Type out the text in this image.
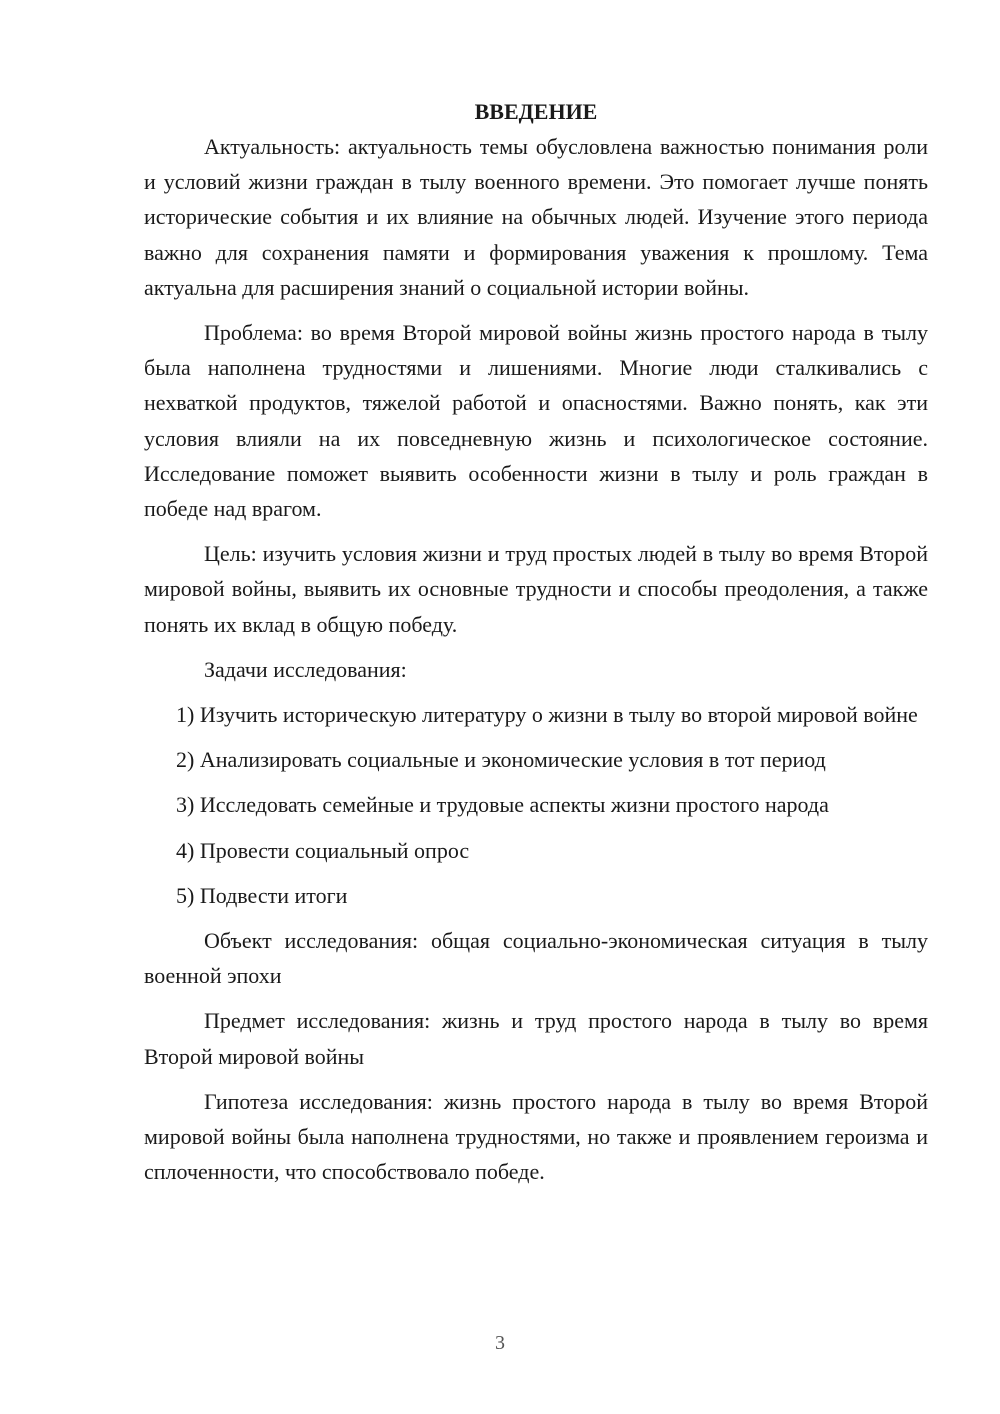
ВВЕДЕНИЕ

Актуальность: актуальность темы обусловлена важностью понимания роли и условий жизни граждан в тылу военного времени. Это помогает лучше понять исторические события и их влияние на обычных людей. Изучение этого периода важно для сохранения памяти и формирования уважения к прошлому. Тема актуальна для расширения знаний о социальной истории войны.

Проблема: во время Второй мировой войны жизнь простого народа в тылу была наполнена трудностями и лишениями. Многие люди сталкивались с нехваткой продуктов, тяжелой работой и опасностями. Важно понять, как эти условия влияли на их повседневную жизнь и психологическое состояние. Исследование поможет выявить особенности жизни в тылу и роль граждан в победе над врагом.

Цель: изучить условия жизни и труд простых людей в тылу во время Второй мировой войны, выявить их основные трудности и способы преодоления, а также понять их вклад в общую победу.

Задачи исследования:

1) Изучить историческую литературу о жизни в тылу во второй мировой войне

2) Анализировать социальные и экономические условия в тот период

3) Исследовать семейные и трудовые аспекты жизни простого народа

4) Провести социальный опрос

5) Подвести итоги

Объект исследования: общая социально-экономическая ситуация в тылу военной эпохи

Предмет исследования: жизнь и труд простого народа в тылу во время Второй мировой войны

Гипотеза исследования: жизнь простого народа в тылу во время Второй мировой войны была наполнена трудностями, но также и проявлением героизма и сплоченности, что способствовало победе.

3
